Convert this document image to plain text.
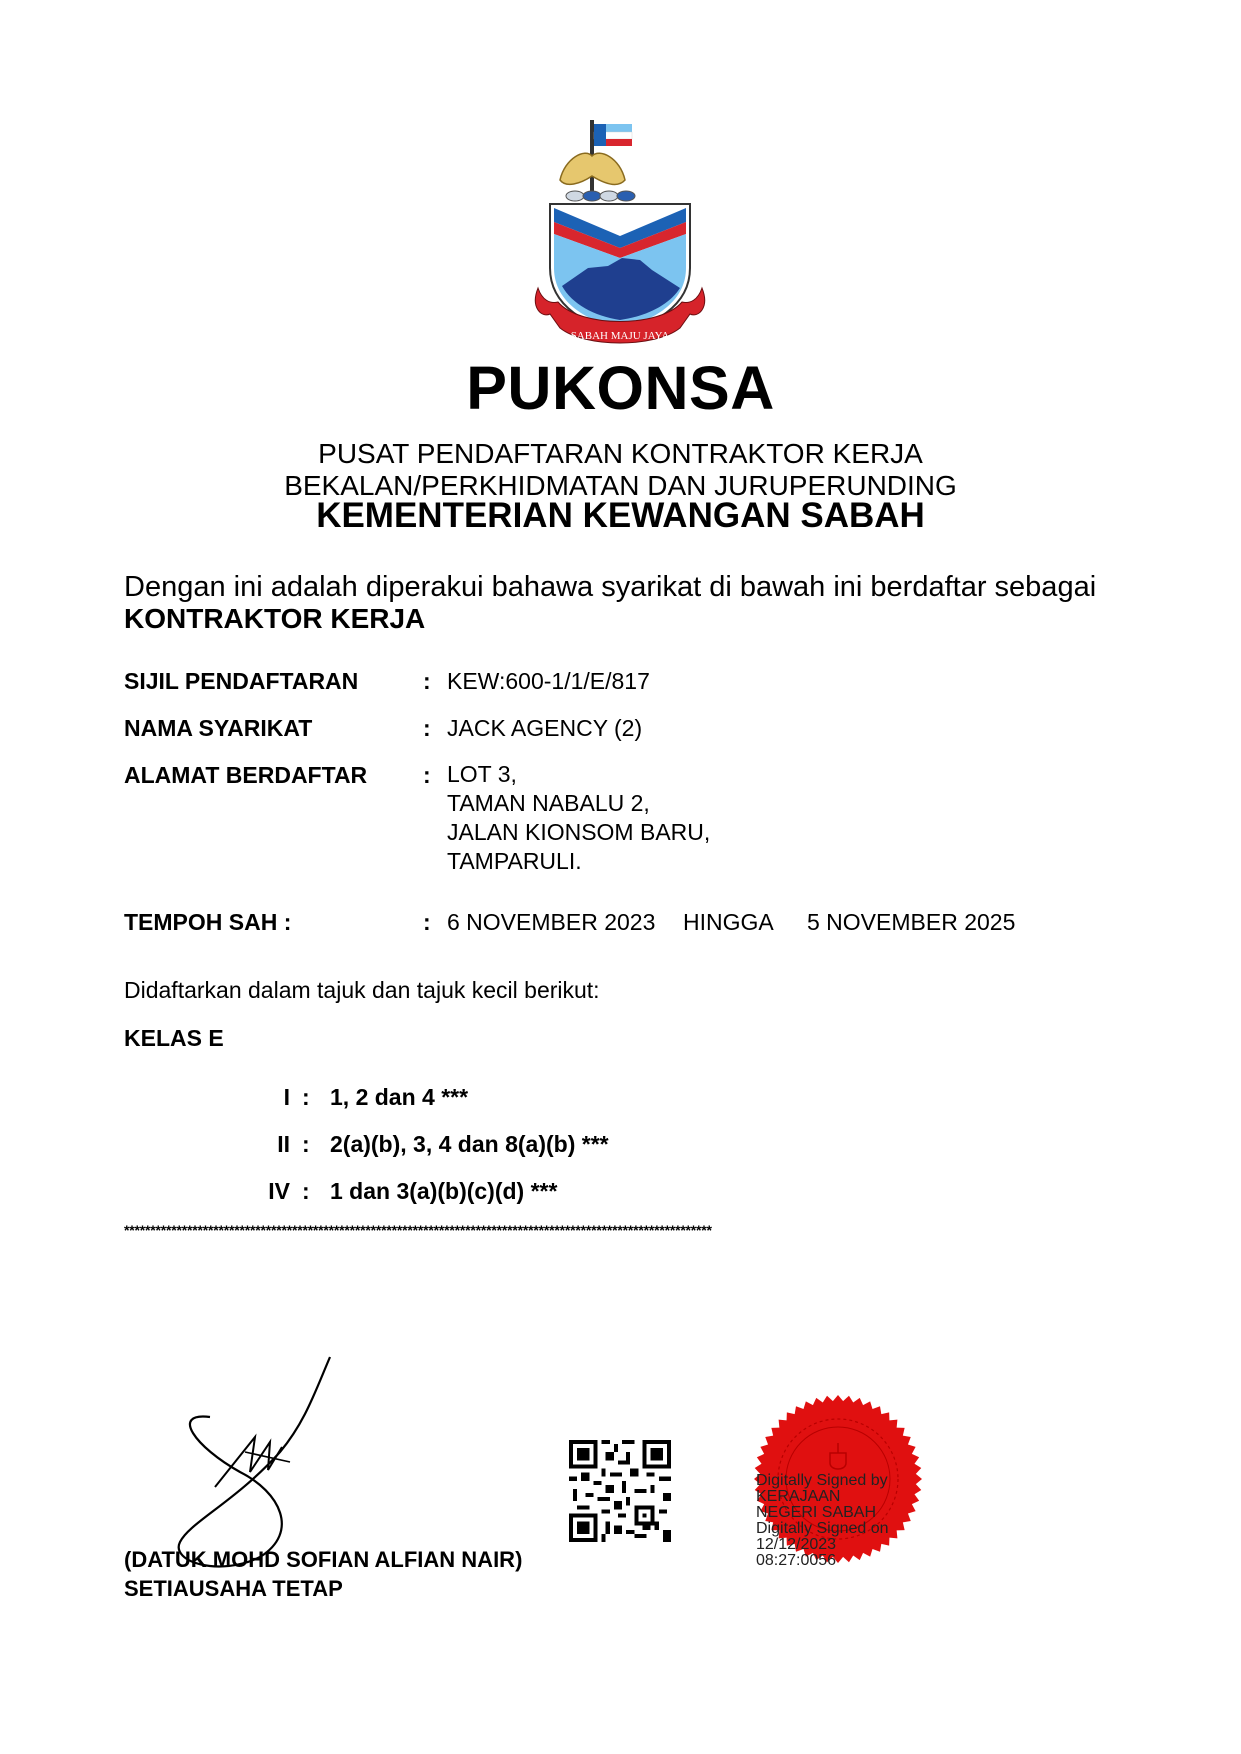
SABAH MAJU JAYA
PUKONSA
PUSAT PENDAFTARAN KONTRAKTOR KERJA
BEKALAN/PERKHIDMATAN DAN JURUPERUNDING
KEMENTERIAN KEWANGAN SABAH
Dengan ini adalah diperakui bahawa syarikat di bawah ini berdaftar sebagai
KONTRAKTOR KERJA
SIJIL PENDAFTARAN	: KEW:600-1/1/E/817
NAMA SYARIKAT	: JACK AGENCY (2)
ALAMAT BERDAFTAR : LOT 3,
TAMAN NABALU 2,
JALAN KIONSOM BARU,
TAMPARULI.
TEMPOH SAH :	: 6 NOVEMBER 2023 HINGGA 5 NOVEMBER 2025
Didaftarkan dalam tajuk dan tajuk kecil berikut:
KELAS E
I : 1, 2 dan 4 ***
II : 2(a)(b), 3, 4 dan 8(a)(b) ***
IV : 1 dan 3(a)(b)(c)(d) ***
****************************************************************************************************************
(DATUK MOHD SOFIAN ALFIAN NAIR)
SETIAUSAHA TETAP
Digitally Signed by
KERAJAAN
NEGERI SABAH
Digitally Signed on
12/12/2023
08:27:0056
